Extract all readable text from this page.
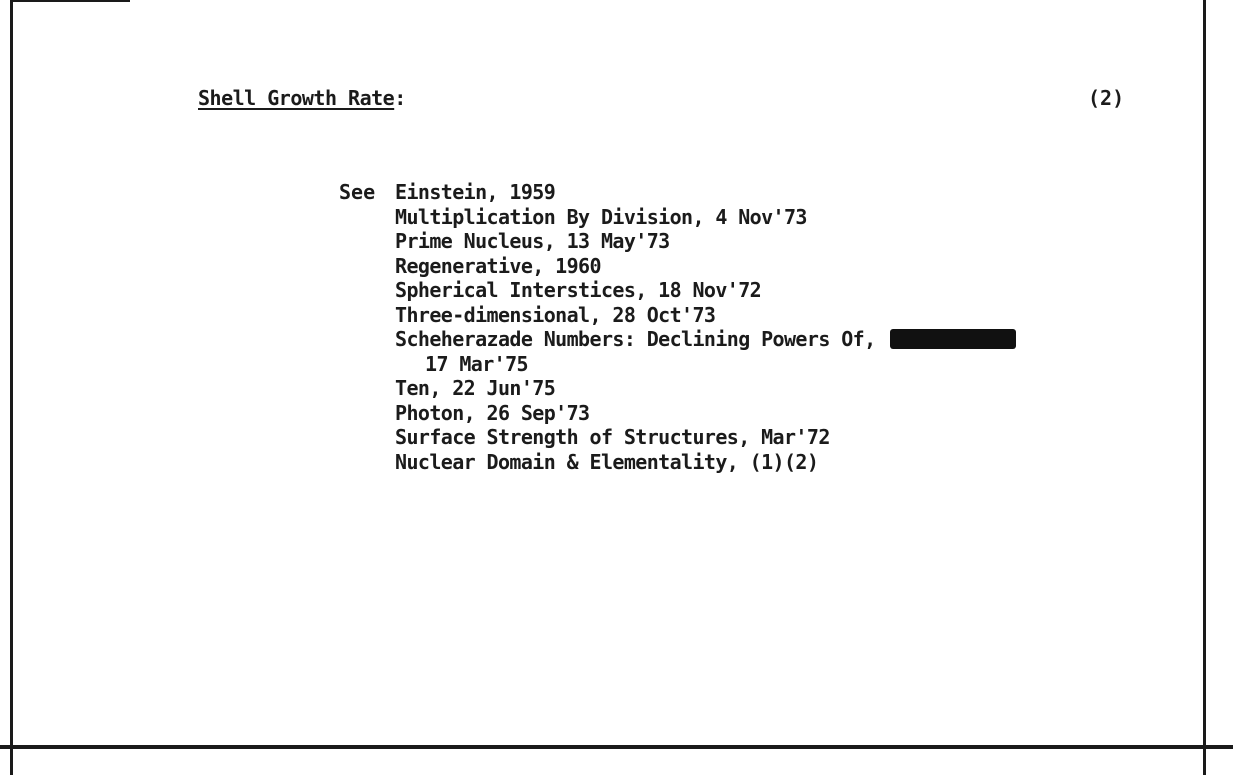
Shell Growth Rate:	(2)
See Einstein, 1959
Multiplication By Division, 4 Nov'73
Prime Nucleus, 13 May'73
Regenerative, 1960
Spherical Interstices, 18 Nov'72
Three-dimensional, 28 Oct'73
Scheherazade Numbers: Declining Powers Of,
17 Mar'75
Ten, 22 Jun'75
Photon, 26 Sep'73
Surface Strength of Structures, Mar'72
Nuclear Domain & Elementality, (1)(2)
